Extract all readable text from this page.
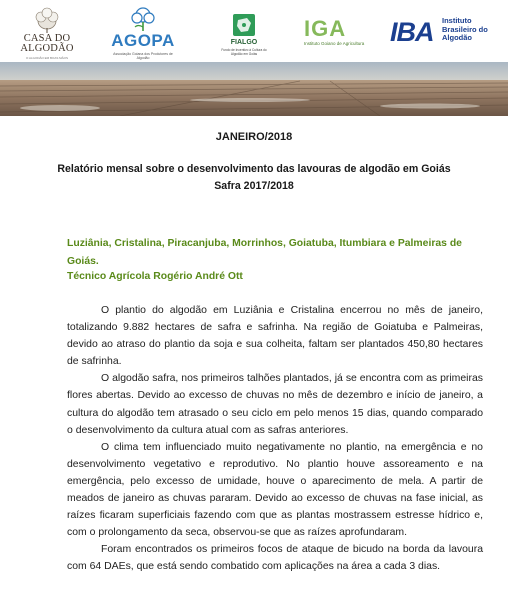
CASA DO
ALGODÃO
O ALGODÃO EM BOAS MÃOS
AGOPA
Associação Goiana dos Produtores de Algodão
FIALGO
Fundo de Incentivo à Cultura do Algodão em Goiás
IGA
Instituto Goiano de Agricultura IBA Instituto Brasileiro do Algodão
JANEIRO/2018
Relatório mensal sobre o desenvolvimento das lavouras de algodão em Goiás
Safra 2017/2018
Luziânia, Cristalina, Piracanjuba, Morrinhos, Goiatuba, Itumbiara e Palmeiras de
Goiás.
Técnico Agrícola Rogério André Ott

O plantio do algodão em Luziânia e Cristalina encerrou no mês de janeiro, totalizando 9.882 hectares de safra e safrinha. Na região de Goiatuba e Palmeiras, devido ao atraso do plantio da soja e sua colheita, faltam ser plantados 450,80 hectares de safrinha.

O algodão safra, nos primeiros talhões plantados, já se encontra com as primeiras flores abertas. Devido ao excesso de chuvas no mês de dezembro e início de janeiro, a cultura do algodão tem atrasado o seu ciclo em pelo menos 15 dias, quando comparado o desenvolvimento da cultura atual com as safras anteriores.

O clima tem influenciado muito negativamente no plantio, na emergência e no desenvolvimento vegetativo e reprodutivo. No plantio houve assoreamento e na emergência, pelo excesso de umidade, houve o aparecimento de mela. A partir de meados de janeiro as chuvas pararam. Devido ao excesso de chuvas na fase inicial, as raízes ficaram superficiais fazendo com que as plantas mostrassem estresse hídrico e, com o prolongamento da seca, observou-se que as raízes aprofundaram.

Foram encontrados os primeiros focos de ataque de bicudo na borda da lavoura com 64 DAEs, que está sendo combatido com aplicações na área a cada 3 dias.
